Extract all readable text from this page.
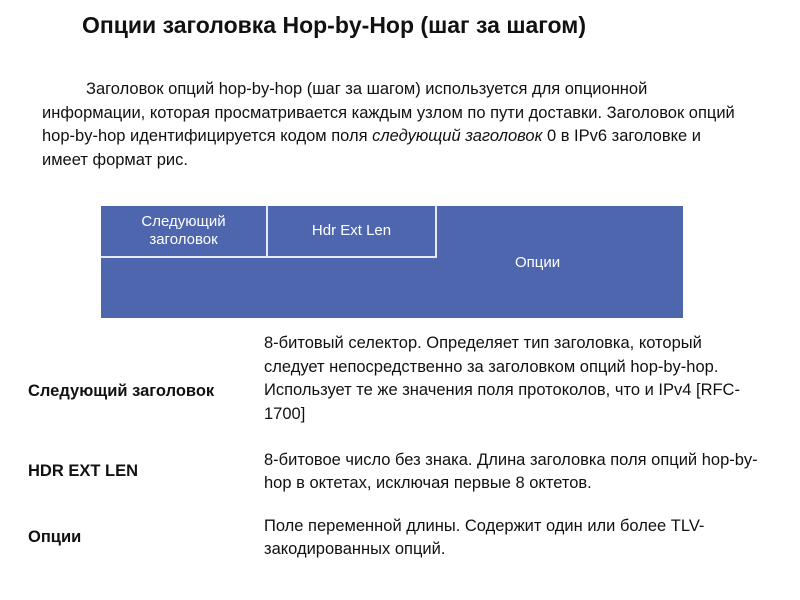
Опции заголовка Hop-by-Hop (шаг за шагом)

Заголовок опций hop-by-hop (шаг за шагом) используется для опционной информации, которая просматривается каждым узлом по пути доставки. Заголовок опций hop-by-hop идентифицируется кодом поля следующий заголовок 0 в IPv6 заголовке и имеет формат рис.

Следующий заголовок
Hdr Ext Len
Опции
Следующий заголовок
8-битовый селектор. Определяет тип заголовка, который следует непосредственно за заголовком опций hop-by-hop. Использует те же значения поля протоколов, что и IPv4 [RFC-1700]
HDR EXT LEN
8-битовое число без знака. Длина заголовка поля опций hop-by-hop в октетах, исключая первые 8 октетов.
Опции
Поле переменной длины. Содержит один или более TLV-закодированных опций.
